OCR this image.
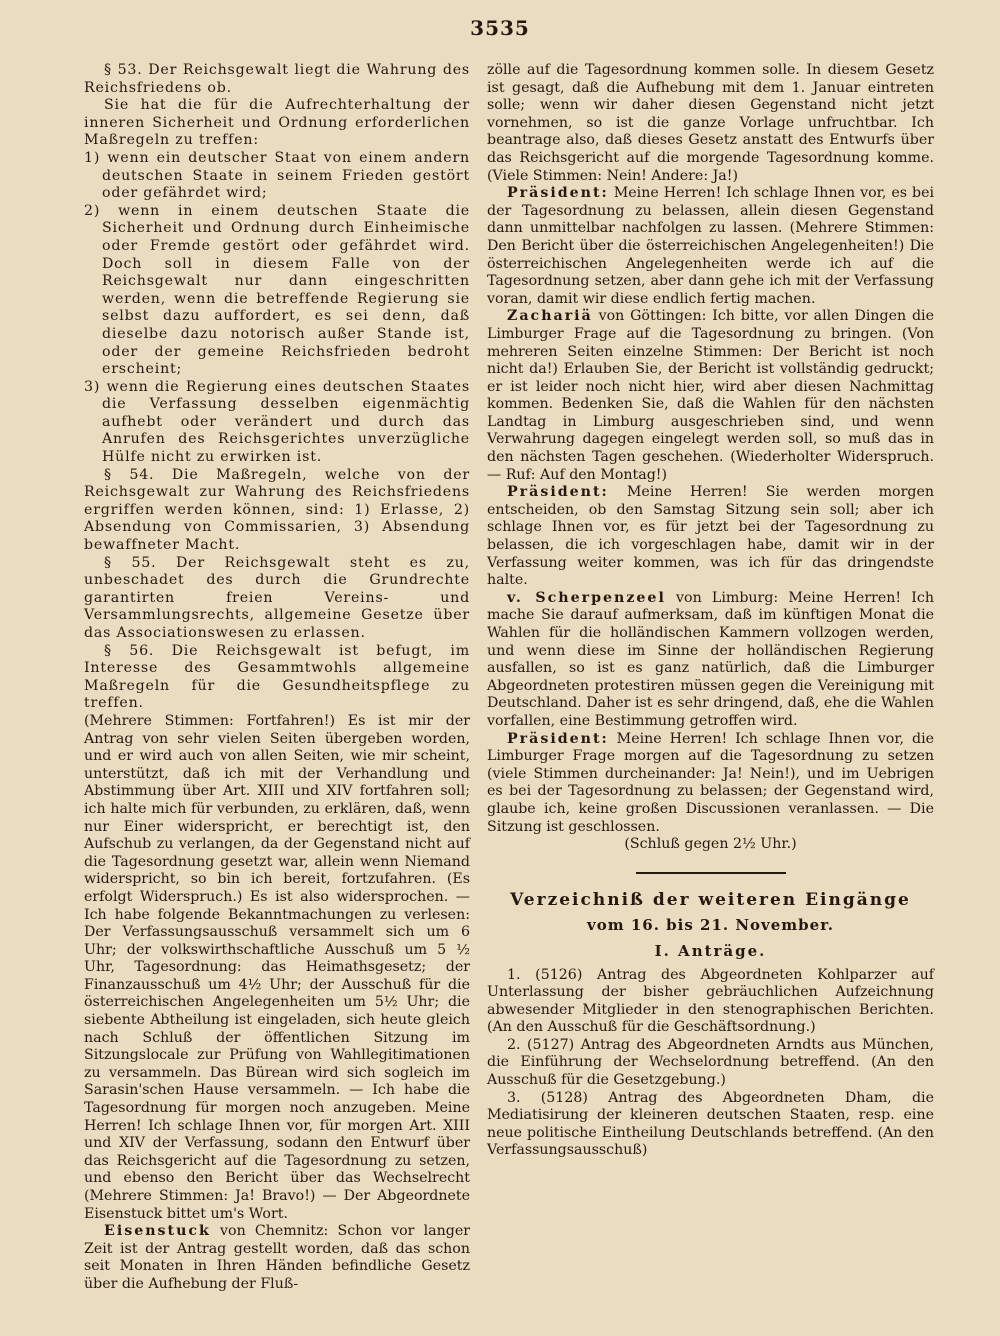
3535

§ 53. Der Reichsgewalt liegt die Wahrung des Reichsfriedens ob.

Sie hat die für die Aufrechterhaltung der inneren Sicherheit und Ordnung erforderlichen Maßregeln zu treffen:

1) wenn ein deutscher Staat von einem andern deutschen Staate in seinem Frieden gestört oder gefährdet wird;

2) wenn in einem deutschen Staate die Sicherheit und Ordnung durch Einheimische oder Fremde gestört oder gefährdet wird. Doch soll in diesem Falle von der Reichsgewalt nur dann eingeschritten werden, wenn die betreffende Regierung sie selbst dazu auffordert, es sei denn, daß dieselbe dazu notorisch außer Stande ist, oder der gemeine Reichsfrieden bedroht erscheint;

3) wenn die Regierung eines deutschen Staates die Verfassung desselben eigenmächtig aufhebt oder verändert und durch das Anrufen des Reichsgerichtes unverzügliche Hülfe nicht zu erwirken ist.

§ 54. Die Maßregeln, welche von der Reichsgewalt zur Wahrung des Reichsfriedens ergriffen werden können, sind: 1) Erlasse, 2) Absendung von Commissarien, 3) Absendung bewaffneter Macht.

§ 55. Der Reichsgewalt steht es zu, unbeschadet des durch die Grundrechte garantirten freien Vereins- und Versammlungsrechts, allgemeine Gesetze über das Associationswesen zu erlassen.

§ 56. Die Reichsgewalt ist befugt, im Interesse des Gesammtwohls allgemeine Maßregeln für die Gesundheitspflege zu treffen.

(Mehrere Stimmen: Fortfahren!) Es ist mir der Antrag von sehr vielen Seiten übergeben worden, und er wird auch von allen Seiten, wie mir scheint, unterstützt, daß ich mit der Verhandlung und Abstimmung über Art. XIII und XIV fortfahren soll; ich halte mich für verbunden, zu erklären, daß, wenn nur Einer widerspricht, er berechtigt ist, den Aufschub zu verlangen, da der Gegenstand nicht auf die Tagesordnung gesetzt war, allein wenn Niemand widerspricht, so bin ich bereit, fortzufahren. (Es erfolgt Widerspruch.) Es ist also widersprochen. — Ich habe folgende Bekanntmachungen zu verlesen: Der Verfassungsausschuß versammelt sich um 6 Uhr; der volkswirthschaftliche Ausschuß um 5 ½ Uhr, Tagesordnung: das Heimathsgesetz; der Finanzausschuß um 4½ Uhr; der Ausschuß für die österreichischen Angelegenheiten um 5½ Uhr; die siebente Abtheilung ist eingeladen, sich heute gleich nach Schluß der öffentlichen Sitzung im Sitzungslocale zur Prüfung von Wahllegitimationen zu versammeln. Das Bürean wird sich sogleich im Sarasin'schen Hause versammeln. — Ich habe die Tagesordnung für morgen noch anzugeben. Meine Herren! Ich schlage Ihnen vor, für morgen Art. XIII und XIV der Verfassung, sodann den Entwurf über das Reichsgericht auf die Tagesordnung zu setzen, und ebenso den Bericht über das Wechselrecht (Mehrere Stimmen: Ja! Bravo!) — Der Abgeordnete Eisenstuck bittet um's Wort.

Eisenstuck von Chemnitz: Schon vor langer Zeit ist der Antrag gestellt worden, daß das schon seit Monaten in Ihren Händen befindliche Gesetz über die Aufhebung der Fluß-

zölle auf die Tagesordnung kommen solle. In diesem Gesetz ist gesagt, daß die Aufhebung mit dem 1. Januar eintreten solle; wenn wir daher diesen Gegenstand nicht jetzt vornehmen, so ist die ganze Vorlage unfruchtbar. Ich beantrage also, daß dieses Gesetz anstatt des Entwurfs über das Reichsgericht auf die morgende Tagesordnung komme. (Viele Stimmen: Nein! Andere: Ja!)

Präsident: Meine Herren! Ich schlage Ihnen vor, es bei der Tagesordnung zu belassen, allein diesen Gegenstand dann unmittelbar nachfolgen zu lassen. (Mehrere Stimmen: Den Bericht über die österreichischen Angelegenheiten!) Die österreichischen Angelegenheiten werde ich auf die Tagesordnung setzen, aber dann gehe ich mit der Verfassung voran, damit wir diese endlich fertig machen.

Zachariä von Göttingen: Ich bitte, vor allen Dingen die Limburger Frage auf die Tagesordnung zu bringen. (Von mehreren Seiten einzelne Stimmen: Der Bericht ist noch nicht da!) Erlauben Sie, der Bericht ist vollständig gedruckt; er ist leider noch nicht hier, wird aber diesen Nachmittag kommen. Bedenken Sie, daß die Wahlen für den nächsten Landtag in Limburg ausgeschrieben sind, und wenn Verwahrung dagegen eingelegt werden soll, so muß das in den nächsten Tagen geschehen. (Wiederholter Widerspruch. — Ruf: Auf den Montag!)

Präsident: Meine Herren! Sie werden morgen entscheiden, ob den Samstag Sitzung sein soll; aber ich schlage Ihnen vor, es für jetzt bei der Tagesordnung zu belassen, die ich vorgeschlagen habe, damit wir in der Verfassung weiter kommen, was ich für das dringendste halte.

v. Scherpenzeel von Limburg: Meine Herren! Ich mache Sie darauf aufmerksam, daß im künftigen Monat die Wahlen für die holländischen Kammern vollzogen werden, und wenn diese im Sinne der holländischen Regierung ausfallen, so ist es ganz natürlich, daß die Limburger Abgeordneten protestiren müssen gegen die Vereinigung mit Deutschland. Daher ist es sehr dringend, daß, ehe die Wahlen vorfallen, eine Bestimmung getroffen wird.

Präsident: Meine Herren! Ich schlage Ihnen vor, die Limburger Frage morgen auf die Tagesordnung zu setzen (viele Stimmen durcheinander: Ja! Nein!), und im Uebrigen es bei der Tagesordnung zu belassen; der Gegenstand wird, glaube ich, keine großen Discussionen veranlassen. — Die Sitzung ist geschlossen.

(Schluß gegen 2½ Uhr.)

Verzeichniß der weiteren Eingänge
vom 16. bis 21. November.
I. Anträge.

1. (5126) Antrag des Abgeordneten Kohlparzer auf Unterlassung der bisher gebräuchlichen Aufzeichnung abwesender Mitglieder in den stenographischen Berichten. (An den Ausschuß für die Geschäftsordnung.)

2. (5127) Antrag des Abgeordneten Arndts aus München, die Einführung der Wechselordnung betreffend. (An den Ausschuß für die Gesetzgebung.)

3. (5128) Antrag des Abgeordneten Dham, die Mediatisirung der kleineren deutschen Staaten, resp. eine neue politische Eintheilung Deutschlands betreffend. (An den Verfassungsausschuß)
